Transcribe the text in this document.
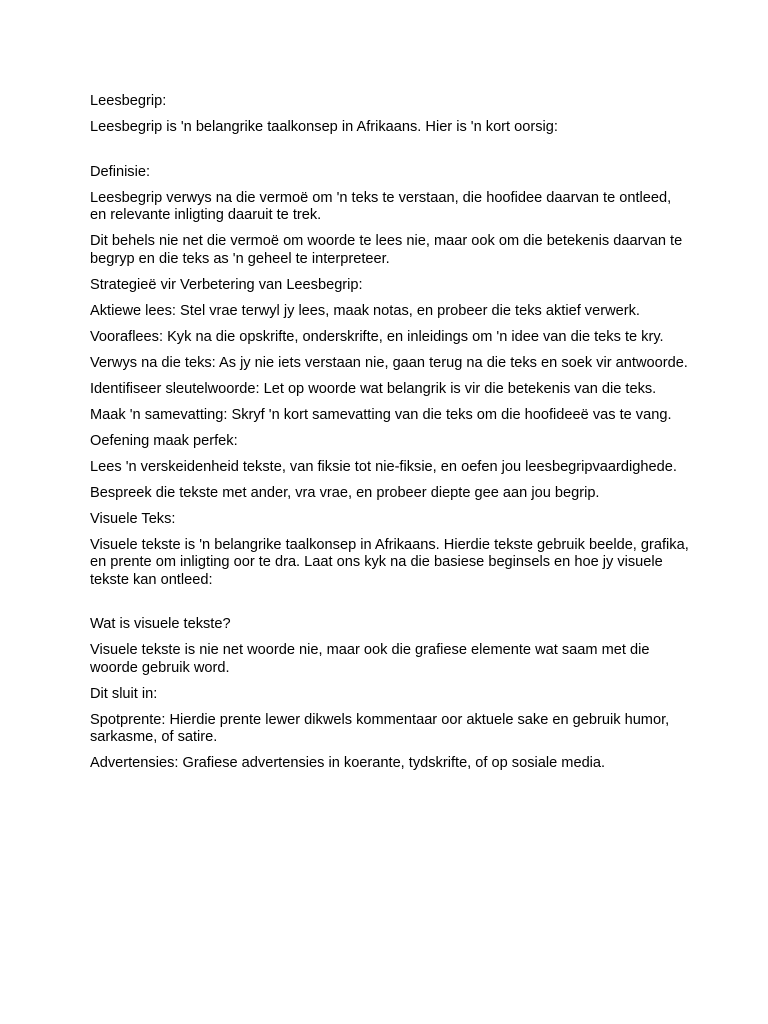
Leesbegrip:

Leesbegrip is 'n belangrike taalkonsep in Afrikaans. Hier is 'n kort oorsig:

Definisie:

Leesbegrip verwys na die vermoë om 'n teks te verstaan, die hoofidee daarvan te ontleed, en relevante inligting daaruit te trek.

Dit behels nie net die vermoë om woorde te lees nie, maar ook om die betekenis daarvan te begryp en die teks as 'n geheel te interpreteer.

Strategieë vir Verbetering van Leesbegrip:

Aktiewe lees: Stel vrae terwyl jy lees, maak notas, en probeer die teks aktief verwerk.

Vooraflees: Kyk na die opskrifte, onderskrifte, en inleidings om 'n idee van die teks te kry.

Verwys na die teks: As jy nie iets verstaan nie, gaan terug na die teks en soek vir antwoorde.

Identifiseer sleutelwoorde: Let op woorde wat belangrik is vir die betekenis van die teks.

Maak 'n samevatting: Skryf 'n kort samevatting van die teks om die hoofideeë vas te vang.

Oefening maak perfek:

Lees 'n verskeidenheid tekste, van fiksie tot nie-fiksie, en oefen jou leesbegripvaardighede.

Bespreek die tekste met ander, vra vrae, en probeer diepte gee aan jou begrip.

Visuele Teks:

Visuele tekste is 'n belangrike taalkonsep in Afrikaans. Hierdie tekste gebruik beelde, grafika, en prente om inligting oor te dra. Laat ons kyk na die basiese beginsels en hoe jy visuele tekste kan ontleed:

Wat is visuele tekste?

Visuele tekste is nie net woorde nie, maar ook die grafiese elemente wat saam met die woorde gebruik word.

Dit sluit in:

Spotprente: Hierdie prente lewer dikwels kommentaar oor aktuele sake en gebruik humor, sarkasme, of satire.

Advertensies: Grafiese advertensies in koerante, tydskrifte, of op sosiale media.
